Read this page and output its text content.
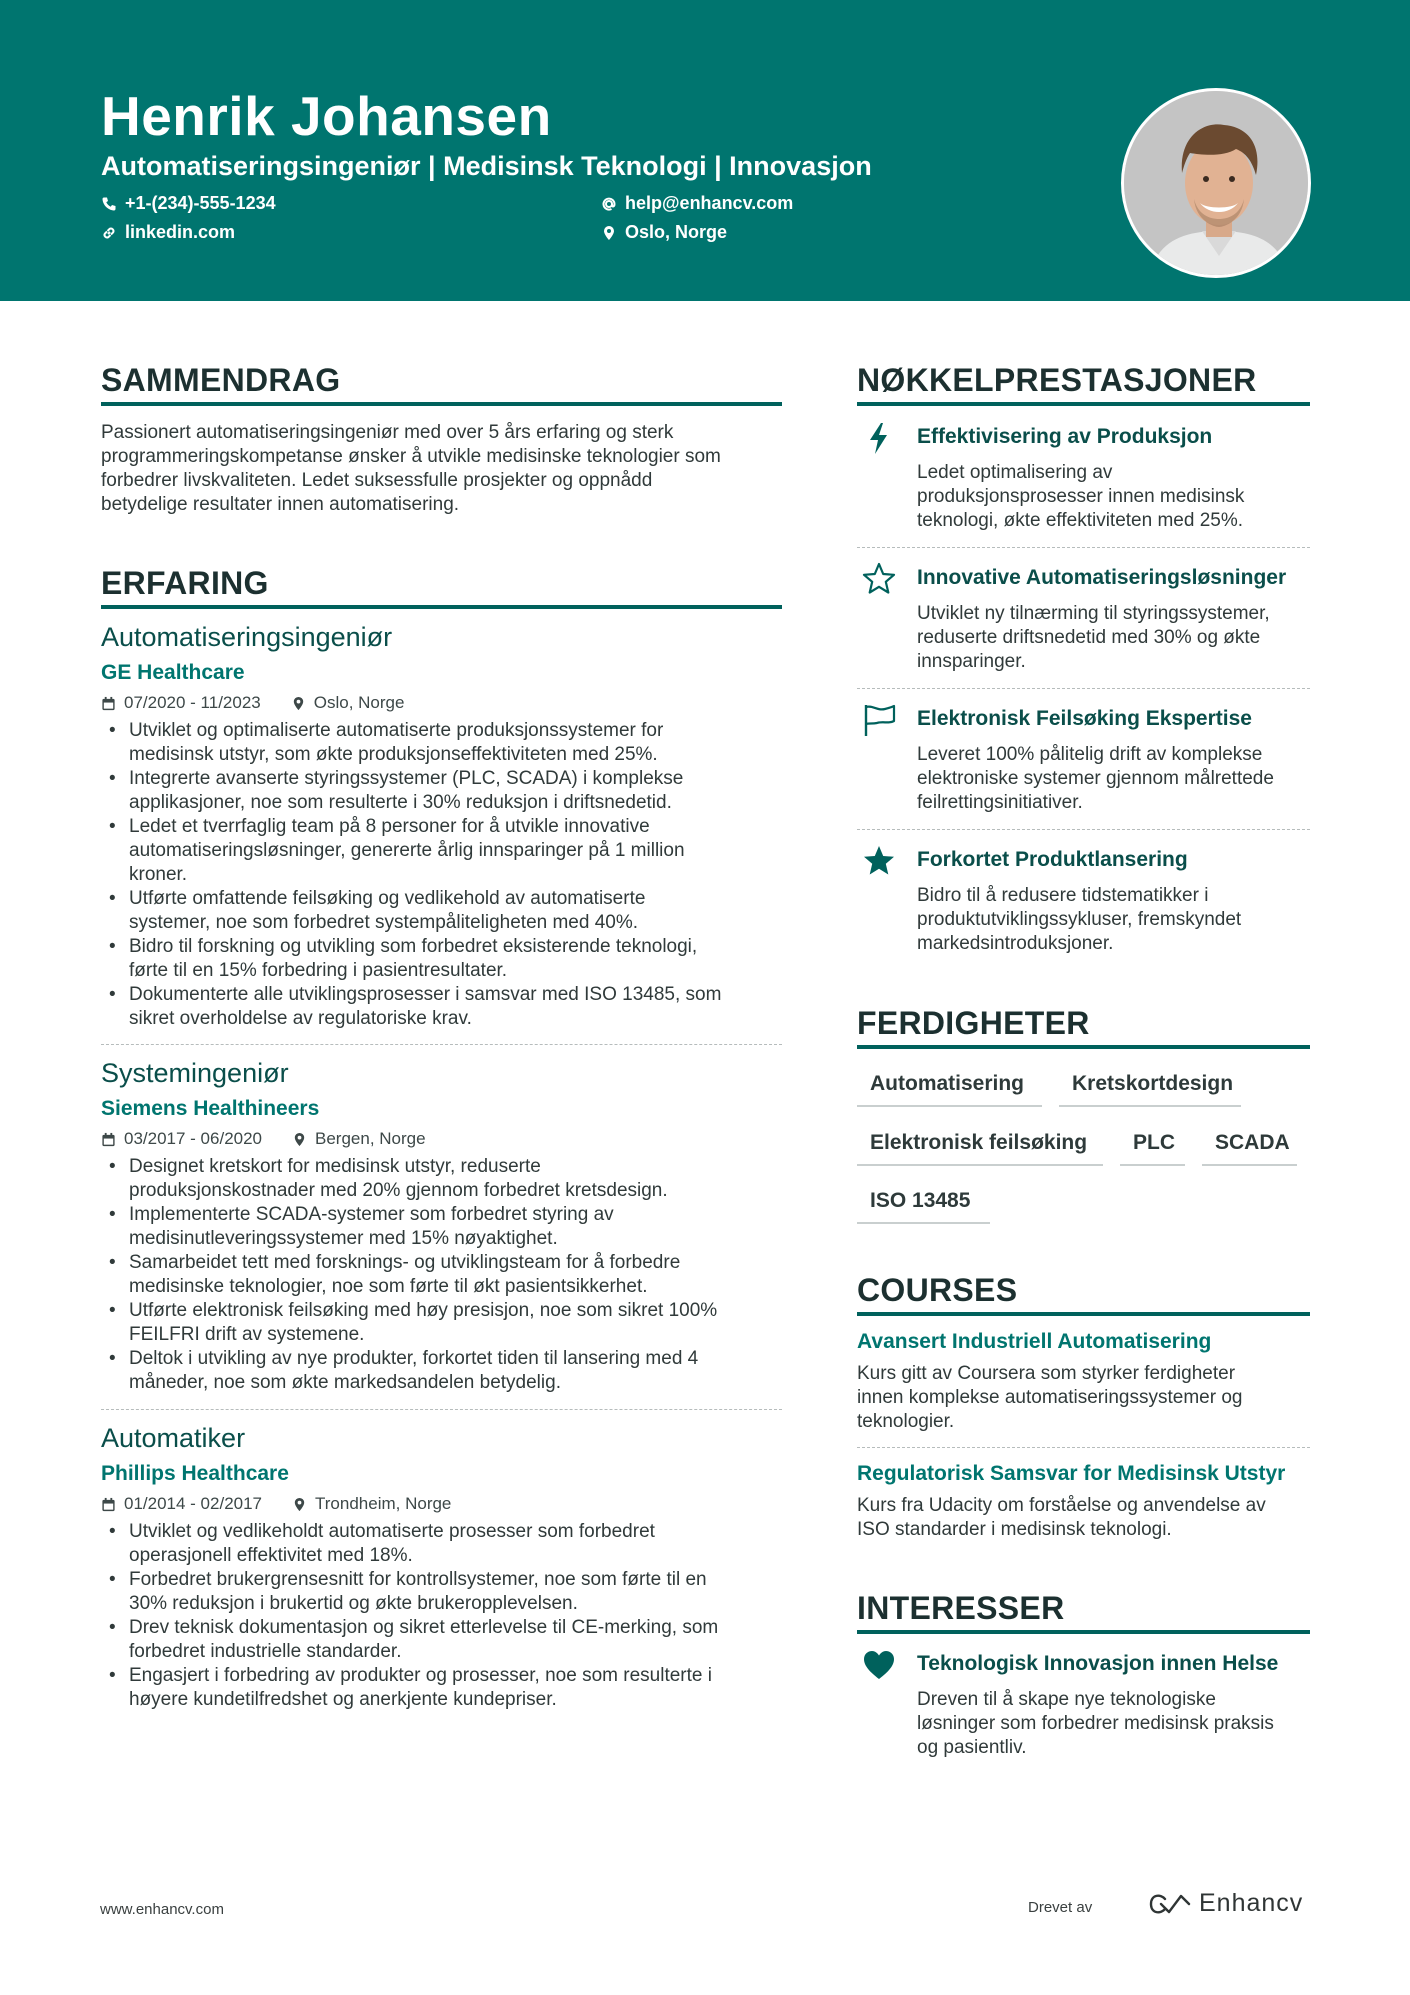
Henrik Johansen
Automatiseringsingeniør | Medisinsk Teknologi | Innovasjon
+1-(234)-555-1234	help@enhancv.com
linkedin.com	Oslo, Norge
SAMMENDRAG
Passionert automatiseringsingeniør med over 5 års erfaring og sterk
programmeringskompetanse ønsker å utvikle medisinske teknologier som
forbedrer livskvaliteten. Ledet suksessfulle prosjekter og oppnådd
betydelige resultater innen automatisering.
ERFARING
Automatiseringsingeniør
GE Healthcare
07/2020 - 11/2023	Oslo, Norge
• Utviklet og optimaliserte automatiserte produksjonssystemer for
medisinsk utstyr, som økte produksjonseffektiviteten med 25%.
• Integrerte avanserte styringssystemer (PLC, SCADA) i komplekse
applikasjoner, noe som resulterte i 30% reduksjon i driftsnedetid.
• Ledet et tverrfaglig team på 8 personer for å utvikle innovative
automatiseringsløsninger, genererte årlig innsparinger på 1 million
kroner.
• Utførte omfattende feilsøking og vedlikehold av automatiserte
systemer, noe som forbedret systempåliteligheten med 40%.
• Bidro til forskning og utvikling som forbedret eksisterende teknologi,
førte til en 15% forbedring i pasientresultater.
• Dokumenterte alle utviklingsprosesser i samsvar med ISO 13485, som
sikret overholdelse av regulatoriske krav.
Systemingeniør
Siemens Healthineers
03/2017 - 06/2020	Bergen, Norge
• Designet kretskort for medisinsk utstyr, reduserte
produksjonskostnader med 20% gjennom forbedret kretsdesign.
• Implementerte SCADA-systemer som forbedret styring av
medisinutleveringssystemer med 15% nøyaktighet.
• Samarbeidet tett med forsknings- og utviklingsteam for å forbedre
medisinske teknologier, noe som førte til økt pasientsikkerhet.
• Utførte elektronisk feilsøking med høy presisjon, noe som sikret 100%
FEILFRI drift av systemene.
• Deltok i utvikling av nye produkter, forkortet tiden til lansering med 4
måneder, noe som økte markedsandelen betydelig.
Automatiker
Phillips Healthcare
01/2014 - 02/2017	Trondheim, Norge
• Utviklet og vedlikeholdt automatiserte prosesser som forbedret
operasjonell effektivitet med 18%.
• Forbedret brukergrensesnitt for kontrollsystemer, noe som førte til en
30% reduksjon i brukertid og økte brukeropplevelsen.
• Drev teknisk dokumentasjon og sikret etterlevelse til CE-merking, som
forbedret industrielle standarder.
• Engasjert i forbedring av produkter og prosesser, noe som resulterte i
høyere kundetilfredshet og anerkjente kundepriser.
NØKKELPRESTASJONER
Effektivisering av Produksjon
Ledet optimalisering av
produksjonsprosesser innen medisinsk
teknologi, økte effektiviteten med 25%.
Innovative Automatiseringsløsninger
Utviklet ny tilnærming til styringssystemer,
reduserte driftsnedetid med 30% og økte
innsparinger.
Elektronisk Feilsøking Ekspertise
Leveret 100% pålitelig drift av komplekse
elektroniske systemer gjennom målrettede
feilrettingsinitiativer.
Forkortet Produktlansering
Bidro til å redusere tidstematikker i
produktutviklingssykluser, fremskyndet
markedsintroduksjoner.
FERDIGHETER
Automatisering	Kretskortdesign
Elektronisk feilsøking	PLC	SCADA
ISO 13485
COURSES
Avansert Industriell Automatisering
Kurs gitt av Coursera som styrker ferdigheter
innen komplekse automatiseringssystemer og
teknologier.
Regulatorisk Samsvar for Medisinsk Utstyr
Kurs fra Udacity om forståelse og anvendelse av
ISO standarder i medisinsk teknologi.
INTERESSER
Teknologisk Innovasjon innen Helse
Dreven til å skape nye teknologiske
løsninger som forbedrer medisinsk praksis
og pasientliv.
www.enhancv.com	Drevet av	Enhancv
